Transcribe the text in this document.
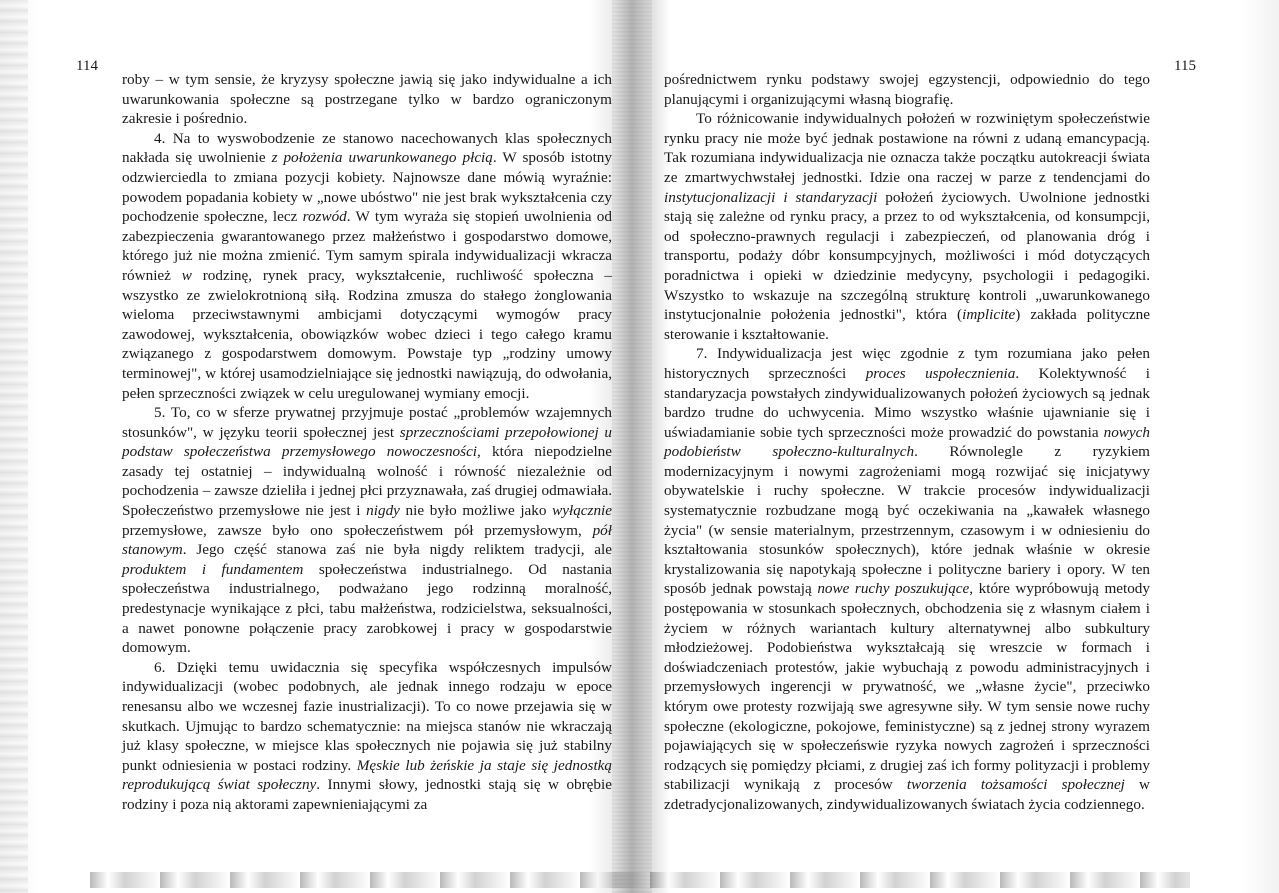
114	115

roby – w tym sensie, że kryzysy społeczne jawią się jako indywidualne a ich uwarunkowania społeczne są postrzegane tylko w bardzo ograniczonym zakresie i pośrednio.

4. Na to wyswobodzenie ze stanowo nacechowanych klas społecznych nakłada się uwolnienie z położenia uwarunkowanego płcią. W sposób istotny odzwierciedla to zmiana pozycji kobiety. Najnowsze dane mówią wyraźnie: powodem popadania kobiety w „nowe ubóstwo" nie jest brak wykształcenia czy pochodzenie społeczne, lecz rozwód. W tym wyraża się stopień uwolnienia od zabezpieczenia gwarantowanego przez małżeństwo i gospodarstwo domowe, którego już nie można zmienić. Tym samym spirala indywidualizacji wkracza również w rodzinę, rynek pracy, wykształcenie, ruchliwość społeczna – wszystko ze zwielokrotnioną siłą. Rodzina zmusza do stałego żonglowania wieloma przeciwstawnymi ambicjami dotyczącymi wymogów pracy zawodowej, wykształcenia, obowiązków wobec dzieci i tego całego kramu związanego z gospodarstwem domowym. Powstaje typ „rodziny umowy terminowej", w której usamodzielniające się jednostki nawiązują, do odwołania, pełen sprzeczności związek w celu uregulowanej wymiany emocji.

5. To, co w sferze prywatnej przyjmuje postać „problemów wzajemnych stosunków", w języku teorii społecznej jest sprzecznościami przepołowionej u podstaw społeczeństwa przemysłowego nowoczesności, która niepodzielne zasady tej ostatniej – indywidualną wolność i równość niezależnie od pochodzenia – zawsze dzieliła i jednej płci przyznawała, zaś drugiej odmawiała. Społeczeństwo przemysłowe nie jest i nigdy nie było możliwe jako wyłącznie przemysłowe, zawsze było ono społeczeństwem pół przemysłowym, pół stanowym. Jego część stanowa zaś nie była nigdy reliktem tradycji, ale produktem i fundamentem społeczeństwa industrialnego. Od nastania społeczeństwa industrialnego, podważano jego rodzinną moralność, predestynacje wynikające z płci, tabu małżeństwa, rodzicielstwa, seksualności, a nawet ponowne połączenie pracy zarobkowej i pracy w gospodarstwie domowym.

6. Dzięki temu uwidacznia się specyfika współczesnych impulsów indywidualizacji (wobec podobnych, ale jednak innego rodzaju w epoce renesansu albo we wczesnej fazie inustrializacji). To co nowe przejawia się w skutkach. Ujmując to bardzo schematycznie: na miejsca stanów nie wkraczają już klasy społeczne, w miejsce klas społecznych nie pojawia się już stabilny punkt odniesienia w postaci rodziny. Męskie lub żeńskie ja staje się jednostką reprodukującą świat społeczny. Innymi słowy, jednostki stają się w obrębie rodziny i poza nią aktorami zapewnieniającymi za

pośrednictwem rynku podstawy swojej egzystencji, odpowiednio do tego planującymi i organizującymi własną biografię.

To różnicowanie indywidualnych położeń w rozwiniętym społeczeństwie rynku pracy nie może być jednak postawione na równi z udaną emancypacją. Tak rozumiana indywidualizacja nie oznacza także początku autokreacji świata ze zmartwychwstałej jednostki. Idzie ona raczej w parze z tendencjami do instytucjonalizacji i standaryzacji położeń życiowych. Uwolnione jednostki stają się zależne od rynku pracy, a przez to od wykształcenia, od konsumpcji, od społeczno-prawnych regulacji i zabezpieczeń, od planowania dróg i transportu, podaży dóbr konsumpcyjnych, możliwości i mód dotyczących poradnictwa i opieki w dziedzinie medycyny, psychologii i pedagogiki. Wszystko to wskazuje na szczególną strukturę kontroli „uwarunkowanego instytucjonalnie położenia jednostki", która (implicite) zakłada polityczne sterowanie i kształtowanie.

7. Indywidualizacja jest więc zgodnie z tym rozumiana jako pełen historycznych sprzeczności proces uspołecznienia. Kolektywność i standaryzacja powstałych zindywidualizowanych położeń życiowych są jednak bardzo trudne do uchwycenia. Mimo wszystko właśnie ujawnianie się i uświadamianie sobie tych sprzeczności może prowadzić do powstania nowych podobieństw społeczno-kulturalnych. Równolegle z ryzykiem modernizacyjnym i nowymi zagrożeniami mogą rozwijać się inicjatywy obywatelskie i ruchy społeczne. W trakcie procesów indywidualizacji systematycznie rozbudzane mogą być oczekiwania na „kawałek własnego życia" (w sensie materialnym, przestrzennym, czasowym i w odniesieniu do kształtowania stosunków społecznych), które jednak właśnie w okresie krystalizowania się napotykają społeczne i polityczne bariery i opory. W ten sposób jednak powstają nowe ruchy poszukujące, które wypróbowują metody postępowania w stosunkach społecznych, obchodzenia się z własnym ciałem i życiem w różnych wariantach kultury alternatywnej albo subkultury młodzieżowej. Podobieństwa wykształcają się wreszcie w formach i doświadczeniach protestów, jakie wybuchają z powodu administracyjnych i przemysłowych ingerencji w prywatność, we „własne życie", przeciwko którym owe protesty rozwijają swe agresywne siły. W tym sensie nowe ruchy społeczne (ekologiczne, pokojowe, feministyczne) są z jednej strony wyrazem pojawiających się w społeczeńswie ryzyka nowych zagrożeń i sprzeczności rodzących się pomiędzy płciami, z drugiej zaś ich formy polityzacji i problemy stabilizacji wynikają z procesów tworzenia tożsamości społecznej w zdetradycjonalizowanych, zindywidualizowanych światach życia codziennego.
